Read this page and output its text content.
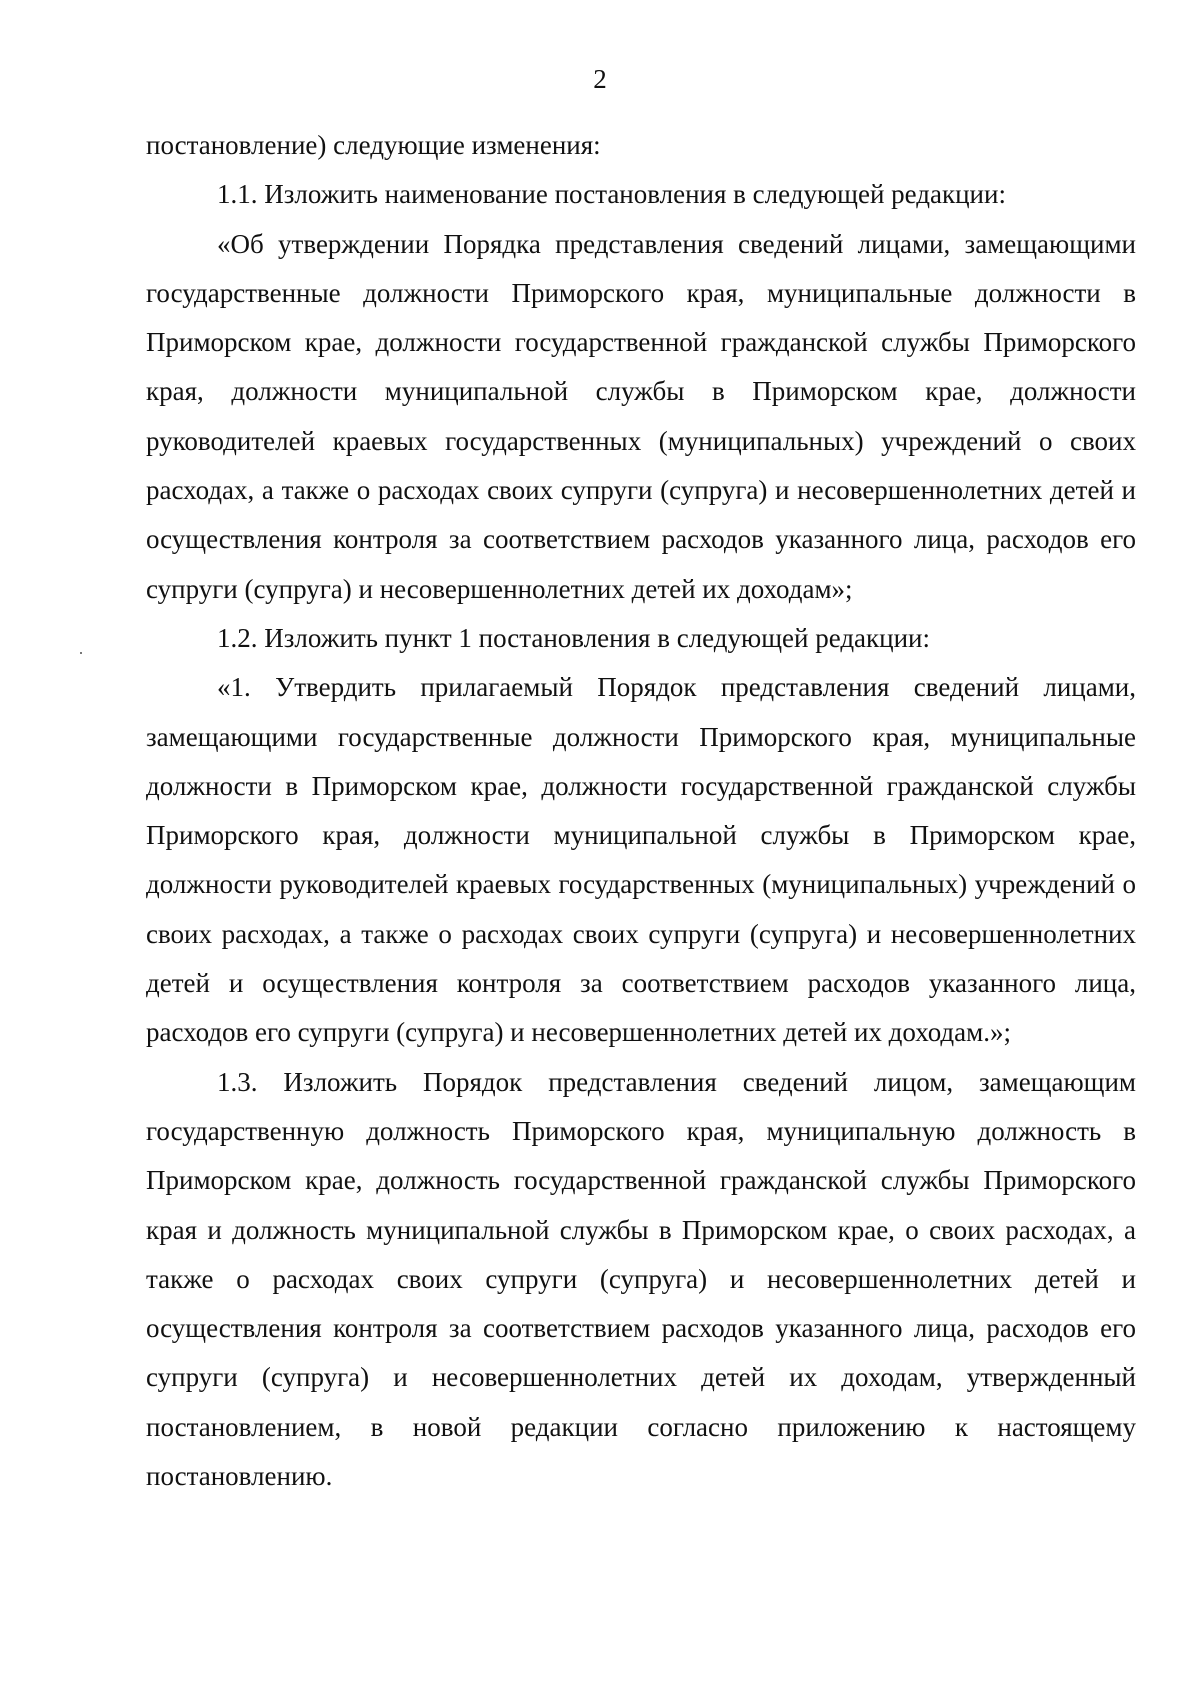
2

постановление) следующие изменения:

1.1. Изложить наименование постановления в следующей редакции:

«Об утверждении Порядка представления сведений лицами, замещающими государственные должности Приморского края, муниципальные должности в Приморском крае, должности государственной гражданской службы Приморского края, должности муниципальной службы в Приморском крае, должности руководителей краевых государственных (муниципальных) учреждений о своих расходах, а также о расходах своих супруги (супруга) и несовершеннолетних детей и осуществления контроля за соответствием расходов указанного лица, расходов его супруги (супруга) и несовершеннолетних детей их доходам»;

1.2. Изложить пункт 1 постановления в следующей редакции:

«1. Утвердить прилагаемый Порядок представления сведений лицами, замещающими государственные должности Приморского края, муниципальные должности в Приморском крае, должности государственной гражданской службы Приморского края, должности муниципальной службы в Приморском крае, должности руководителей краевых государственных (муниципальных) учреждений о своих расходах, а также о расходах своих супруги (супруга) и несовершеннолетних детей и осуществления контроля за соответствием расходов указанного лица, расходов его супруги (супруга) и несовершеннолетних детей их доходам.»;

1.3. Изложить Порядок представления сведений лицом, замещающим государственную должность Приморского края, муниципальную должность в Приморском крае, должность государственной гражданской службы Приморского края и должность муниципальной службы в Приморском крае, о своих расходах, а также о расходах своих супруги (супруга) и несовершеннолетних детей и осуществления контроля за соответствием расходов указанного лица, расходов его супруги (супруга) и несовершеннолетних детей их доходам, утвержденный постановлением, в новой редакции согласно приложению к настоящему постановлению.
